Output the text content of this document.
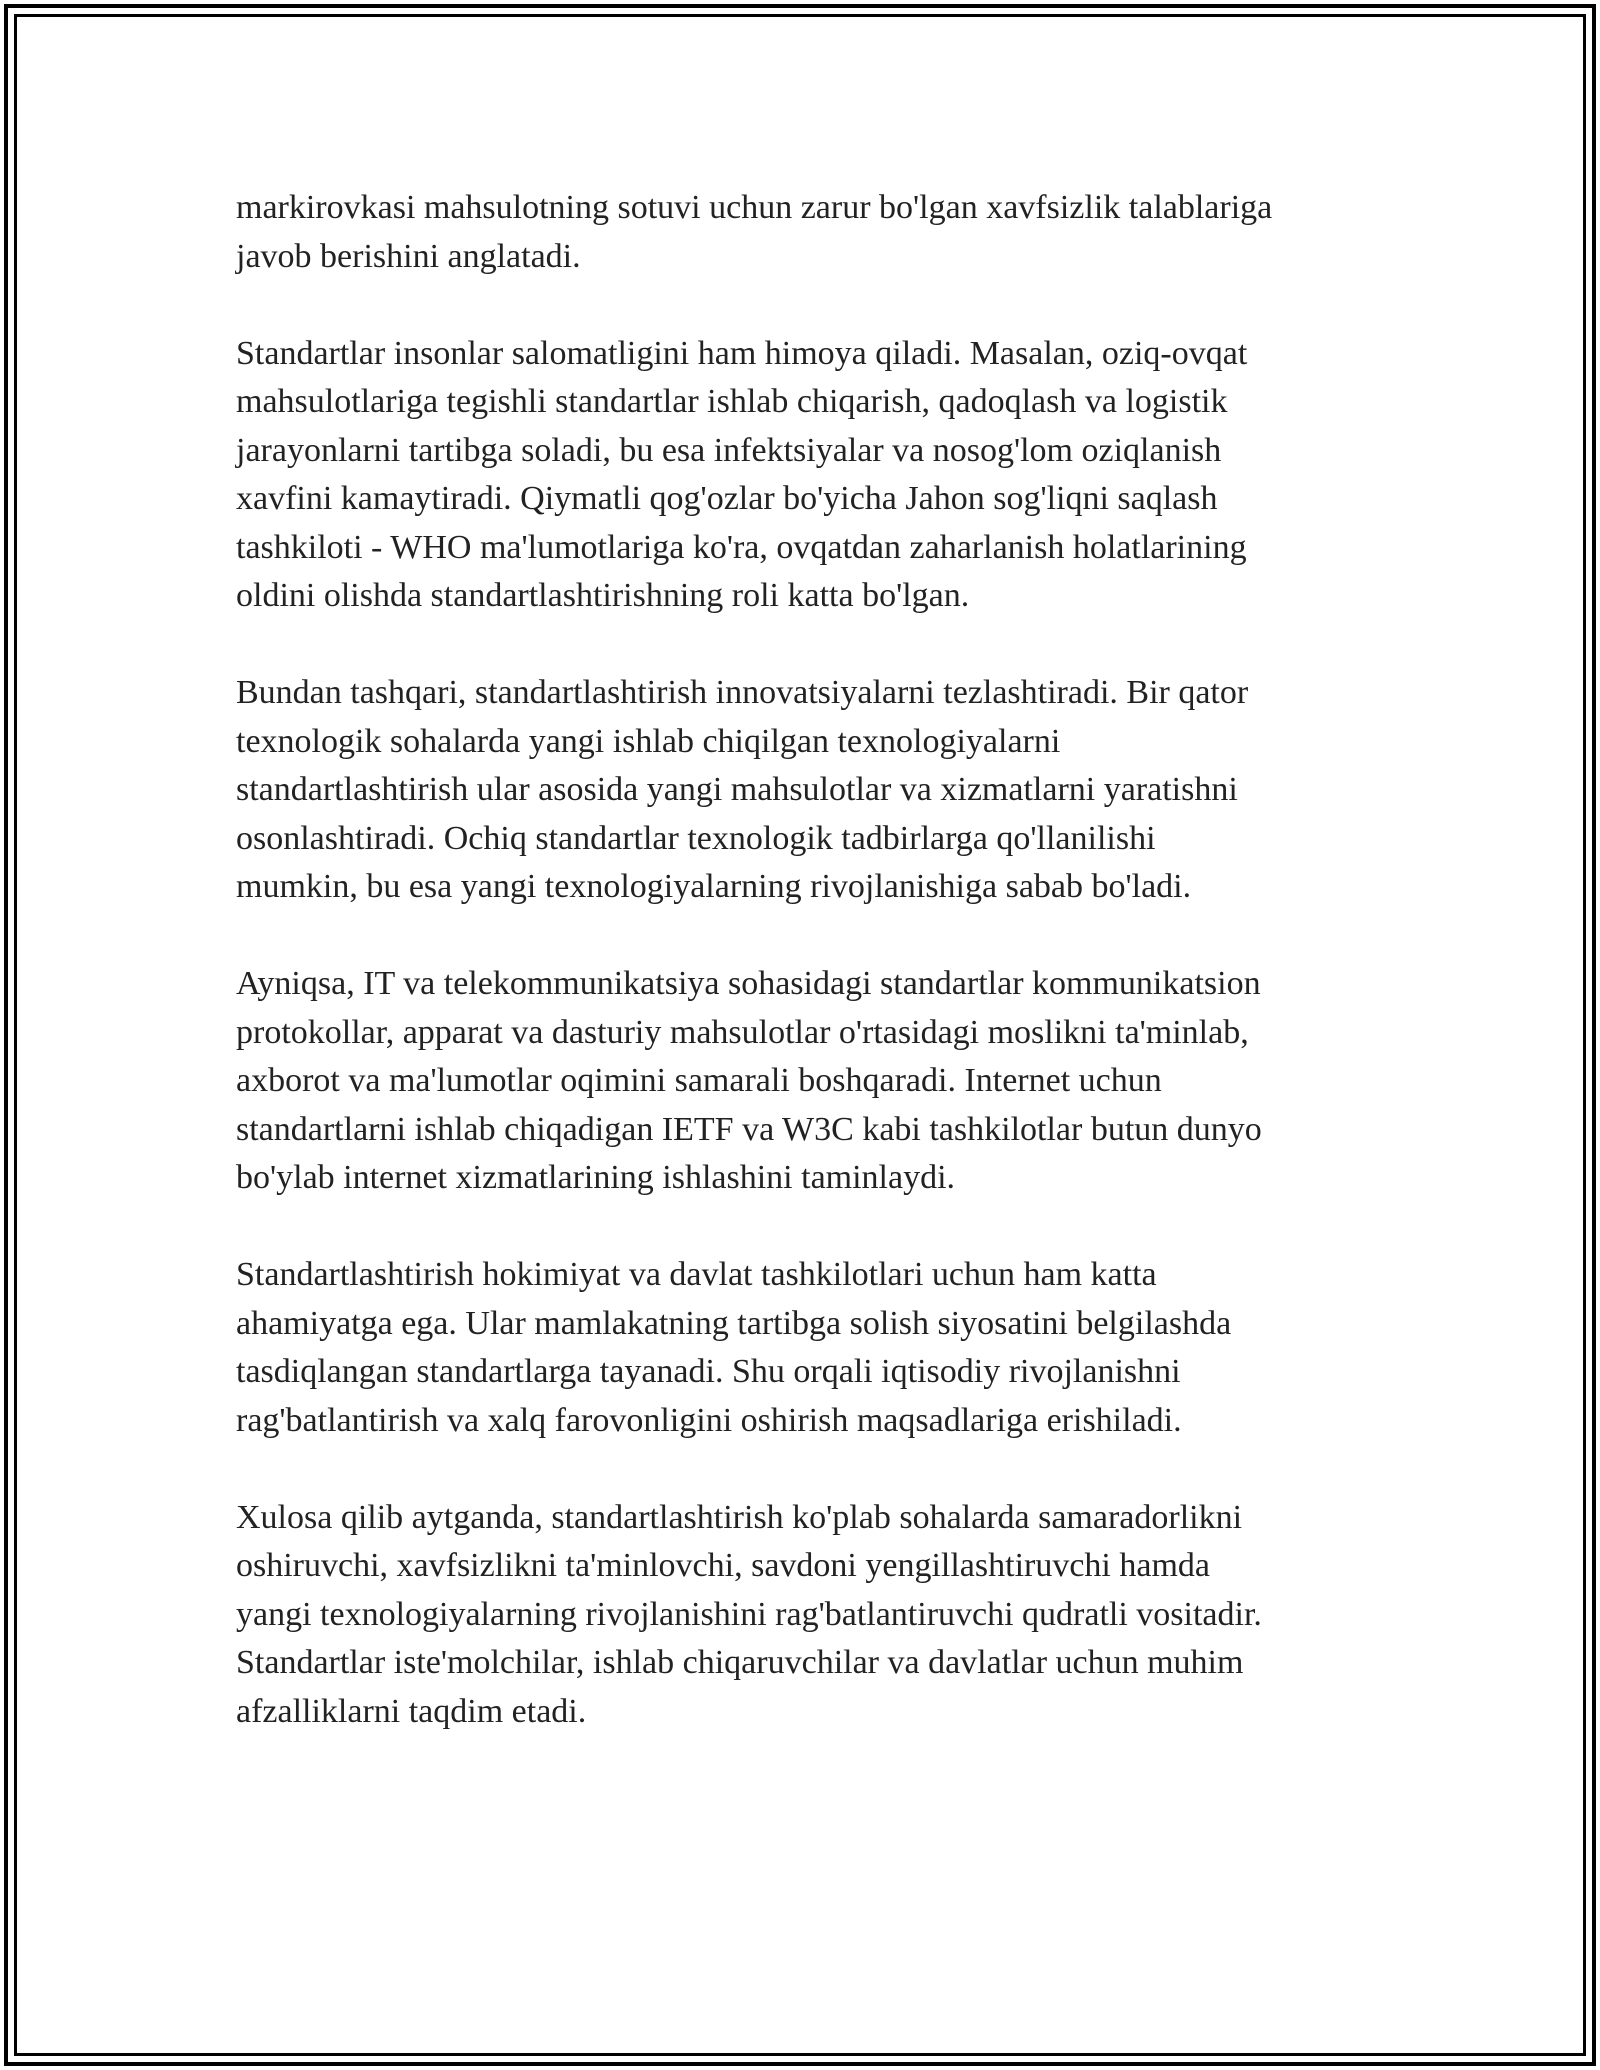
markirovkasi mahsulotning sotuvi uchun zarur bo'lgan xavfsizlik talablariga
javob berishini anglatadi.

Standartlar insonlar salomatligini ham himoya qiladi. Masalan, oziq-ovqat
mahsulotlariga tegishli standartlar ishlab chiqarish, qadoqlash va logistik
jarayonlarni tartibga soladi, bu esa infektsiyalar va nosog'lom oziqlanish
xavfini kamaytiradi. Qiymatli qog'ozlar bo'yicha Jahon sog'liqni saqlash
tashkiloti - WHO ma'lumotlariga ko'ra, ovqatdan zaharlanish holatlarining
oldini olishda standartlashtirishning roli katta bo'lgan.

Bundan tashqari, standartlashtirish innovatsiyalarni tezlashtiradi. Bir qator
texnologik sohalarda yangi ishlab chiqilgan texnologiyalarni
standartlashtirish ular asosida yangi mahsulotlar va xizmatlarni yaratishni
osonlashtiradi. Ochiq standartlar texnologik tadbirlarga qo'llanilishi
mumkin, bu esa yangi texnologiyalarning rivojlanishiga sabab bo'ladi.

Ayniqsa, IT va telekommunikatsiya sohasidagi standartlar kommunikatsion
protokollar, apparat va dasturiy mahsulotlar o'rtasidagi moslikni ta'minlab,
axborot va ma'lumotlar oqimini samarali boshqaradi. Internet uchun
standartlarni ishlab chiqadigan IETF va W3C kabi tashkilotlar butun dunyo
bo'ylab internet xizmatlarining ishlashini taminlaydi.

Standartlashtirish hokimiyat va davlat tashkilotlari uchun ham katta
ahamiyatga ega. Ular mamlakatning tartibga solish siyosatini belgilashda
tasdiqlangan standartlarga tayanadi. Shu orqali iqtisodiy rivojlanishni
rag'batlantirish va xalq farovonligini oshirish maqsadlariga erishiladi.

Xulosa qilib aytganda, standartlashtirish ko'plab sohalarda samaradorlikni
oshiruvchi, xavfsizlikni ta'minlovchi, savdoni yengillashtiruvchi hamda
yangi texnologiyalarning rivojlanishini rag'batlantiruvchi qudratli vositadir.
Standartlar iste'molchilar, ishlab chiqaruvchilar va davlatlar uchun muhim
afzalliklarni taqdim etadi.
